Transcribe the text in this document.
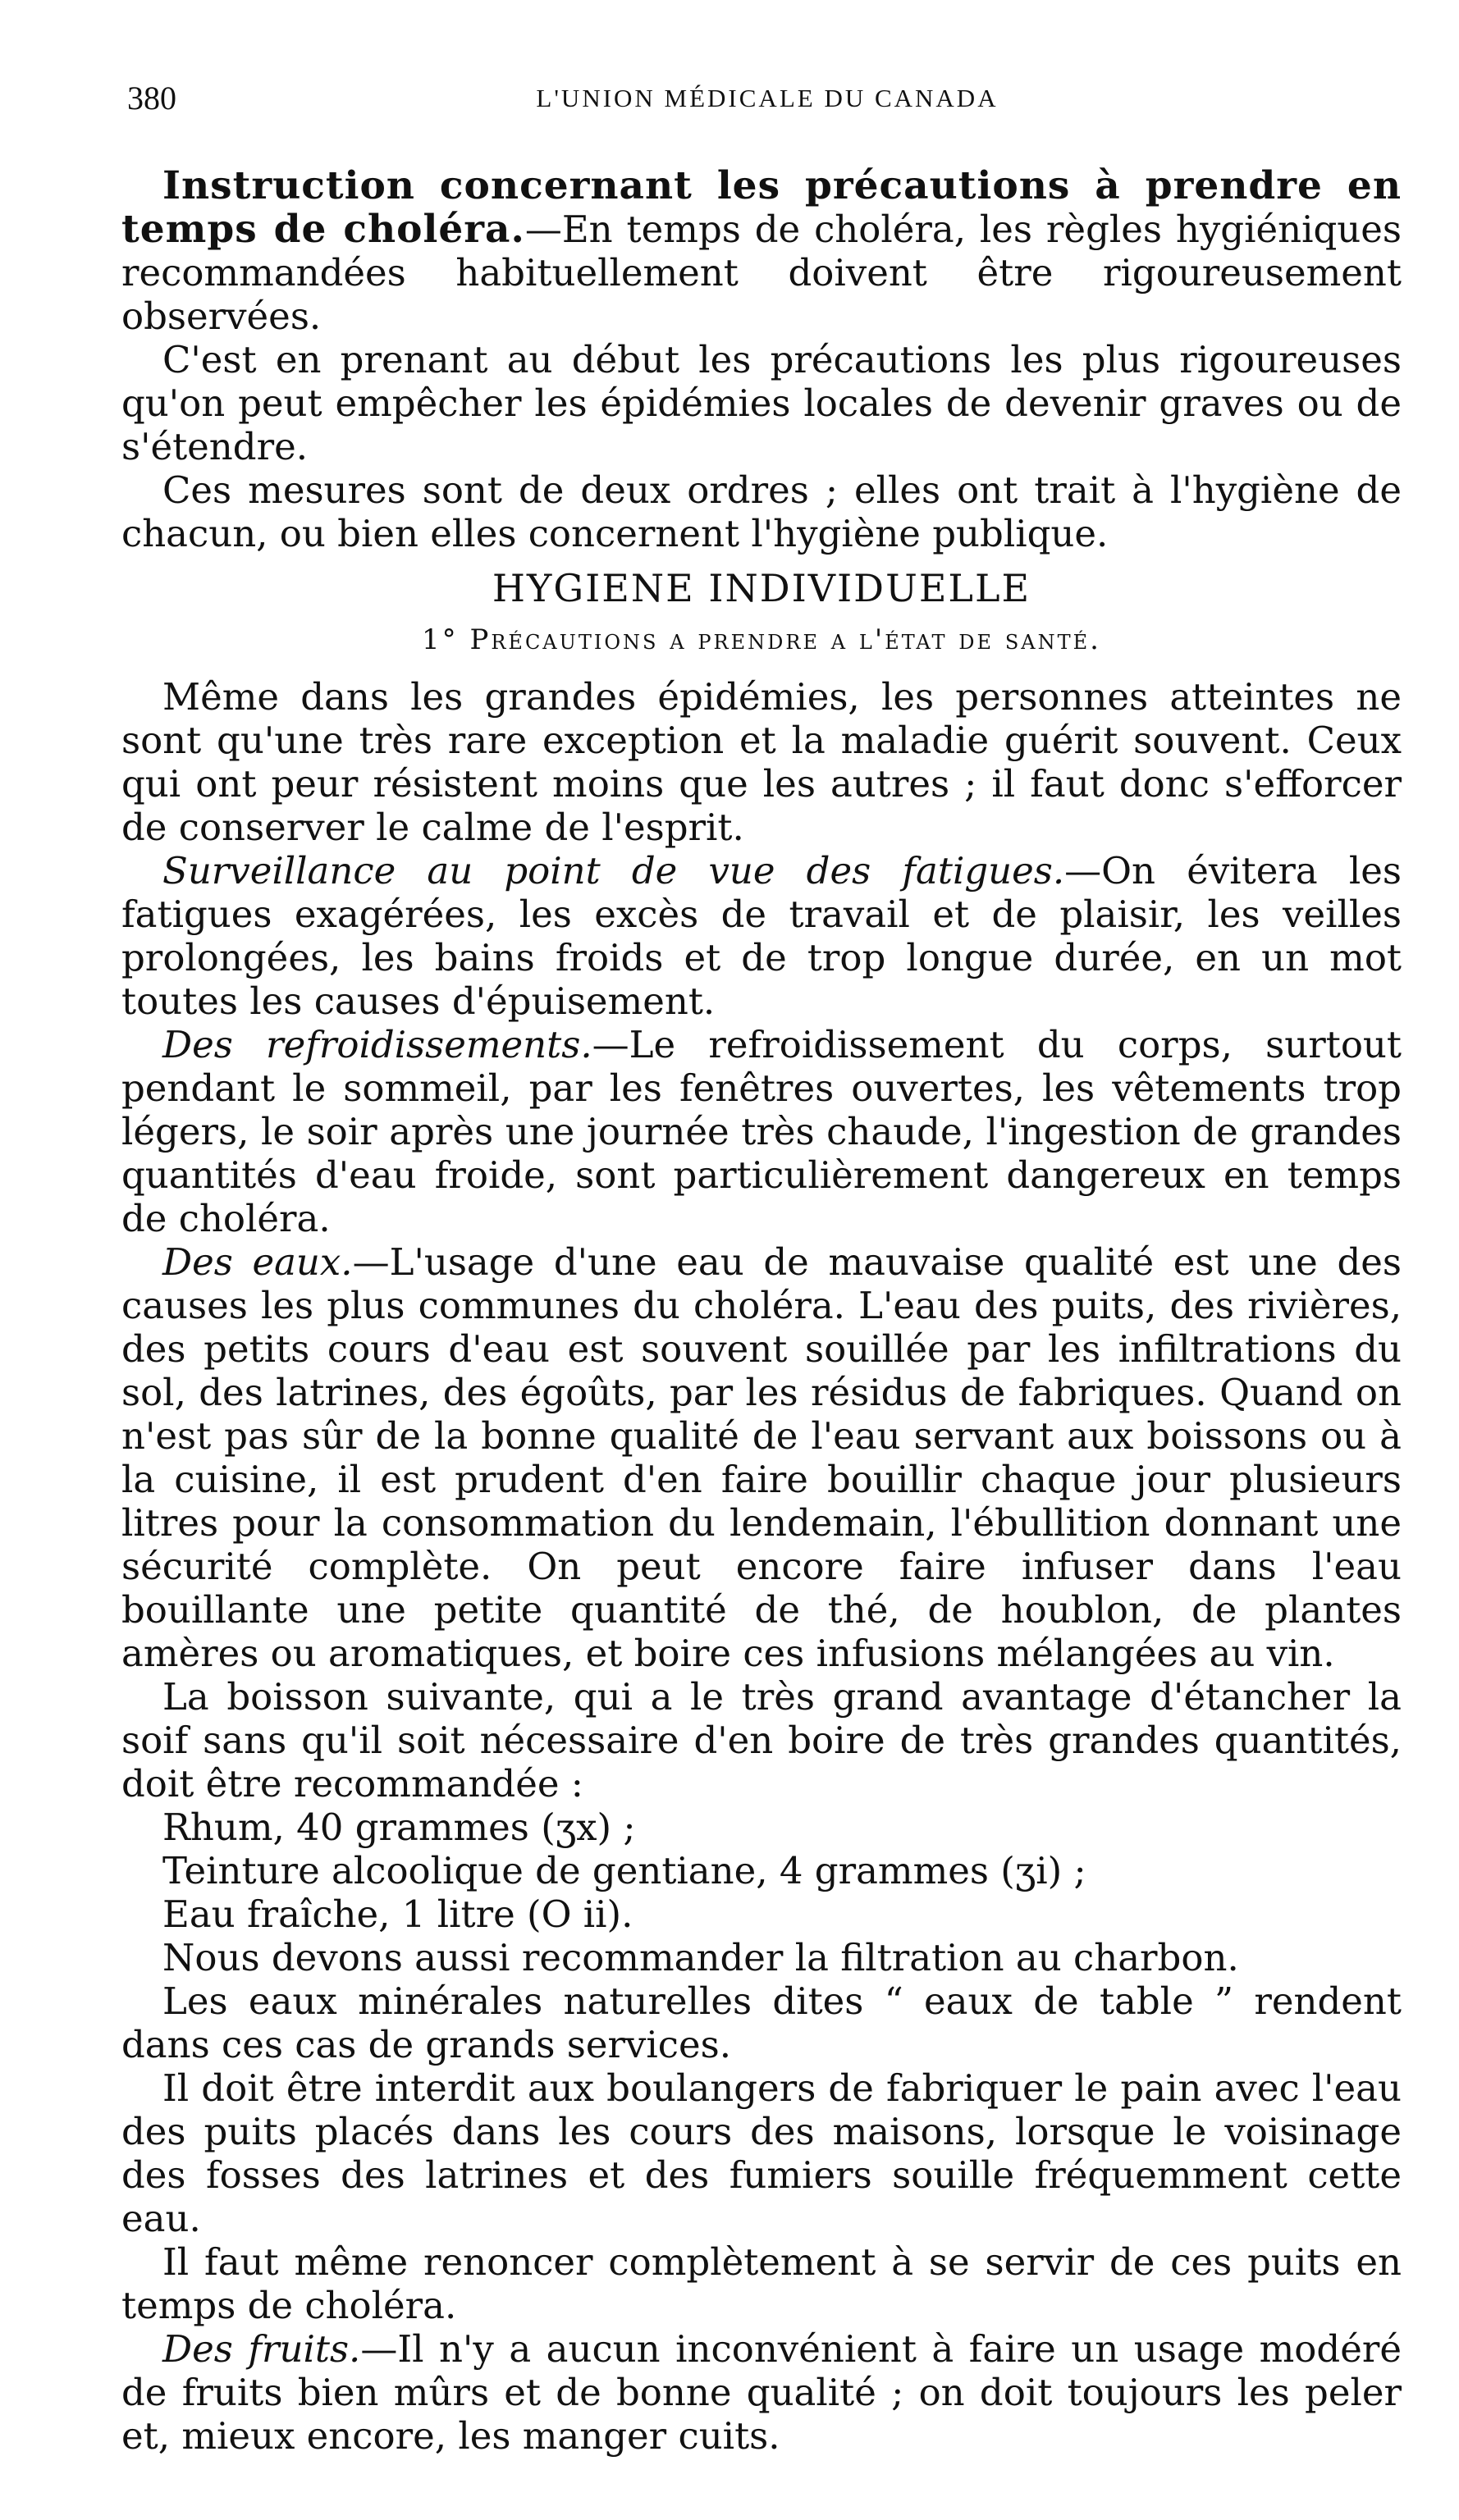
380	L'UNION MÉDICALE DU CANADA

Instruction concernant les précautions à prendre en temps de choléra.—En temps de choléra, les règles hygiéniques recommandées habituellement doivent être rigoureusement observées.

C'est en prenant au début les précautions les plus rigoureuses qu'on peut empêcher les épidémies locales de devenir graves ou de s'étendre.

Ces mesures sont de deux ordres ; elles ont trait à l'hygiène de chacun, ou bien elles concernent l'hygiène publique.

HYGIENE INDIVIDUELLE

1° Précautions a prendre a l'état de santé.

Même dans les grandes épidémies, les personnes atteintes ne sont qu'une très rare exception et la maladie guérit souvent. Ceux qui ont peur résistent moins que les autres ; il faut donc s'efforcer de conserver le calme de l'esprit.

Surveillance au point de vue des fatigues.—On évitera les fatigues exagérées, les excès de travail et de plaisir, les veilles prolongées, les bains froids et de trop longue durée, en un mot toutes les causes d'épuisement.

Des refroidissements.—Le refroidissement du corps, surtout pendant le sommeil, par les fenêtres ouvertes, les vêtements trop légers, le soir après une journée très chaude, l'ingestion de grandes quantités d'eau froide, sont particulièrement dangereux en temps de choléra.

Des eaux.—L'usage d'une eau de mauvaise qualité est une des causes les plus communes du choléra. L'eau des puits, des rivières, des petits cours d'eau est souvent souillée par les infiltrations du sol, des latrines, des égoûts, par les résidus de fabriques. Quand on n'est pas sûr de la bonne qualité de l'eau servant aux boissons ou à la cuisine, il est prudent d'en faire bouillir chaque jour plusieurs litres pour la consommation du lendemain, l'ébullition donnant une sécurité complète. On peut encore faire infuser dans l'eau bouillante une petite quantité de thé, de houblon, de plantes amères ou aromatiques, et boire ces infusions mélangées au vin.

La boisson suivante, qui a le très grand avantage d'étancher la soif sans qu'il soit nécessaire d'en boire de très grandes quantités, doit être recommandée :

Rhum, 40 grammes (ʒx) ;

Teinture alcoolique de gentiane, 4 grammes (ʒi) ;

Eau fraîche, 1 litre (O ii).

Nous devons aussi recommander la filtration au charbon.

Les eaux minérales naturelles dites “ eaux de table ” rendent dans ces cas de grands services.

Il doit être interdit aux boulangers de fabriquer le pain avec l'eau des puits placés dans les cours des maisons, lorsque le voisinage des fosses des latrines et des fumiers souille fréquemment cette eau.

Il faut même renoncer complètement à se servir de ces puits en temps de choléra.

Des fruits.—Il n'y a aucun inconvénient à faire un usage modéré de fruits bien mûrs et de bonne qualité ; on doit toujours les peler et, mieux encore, les manger cuits.
